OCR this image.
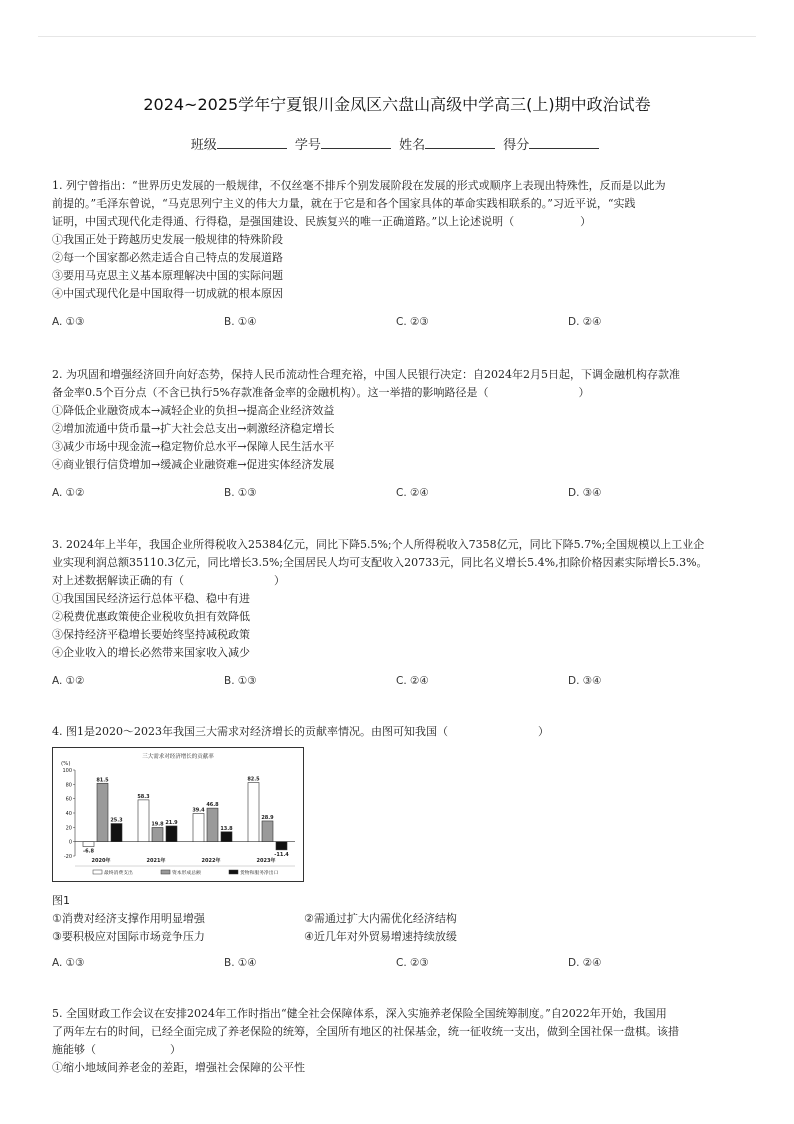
2024~2025学年宁夏银川金凤区六盘山高级中学高三(上)期中政治试卷
班级	学号	姓名	得分

1. 列宁曾指出：“世界历史发展的一般规律，不仅丝毫不排斥个别发展阶段在发展的形式或顺序上表现出特殊性，反而是以此为

前提的。”毛泽东曾说，“马克思列宁主义的伟大力量，就在于它是和各个国家具体的革命实践相联系的。”习近平说，“实践

证明，中国式现代化走得通、行得稳，是强国建设、民族复兴的唯一正确道路。”以上论述说明（	）

①我国正处于跨越历史发展一般规律的特殊阶段

②每一个国家都必然走适合自己特点的发展道路

③要用马克思主义基本原理解决中国的实际问题

④中国式现代化是中国取得一切成就的根本原因

A. ①③	B. ①④	C. ②③	D. ②④

2. 为巩固和增强经济回升向好态势，保持人民币流动性合理充裕，中国人民银行决定：自2024年2月5日起，下调金融机构存款准

备金率0.5个百分点（不含已执行5%存款准备金率的金融机构）。这一举措的影响路径是（	）

①降低企业融资成本→减轻企业的负担→提高企业经济效益

②增加流通中货币量→扩大社会总支出→刺激经济稳定增长

③减少市场中现金流→稳定物价总水平→保障人民生活水平

④商业银行信贷增加→缓减企业融资难→促进实体经济发展

A. ①②	B. ①③	C. ②④	D. ③④

3. 2024年上半年，我国企业所得税收入25384亿元，同比下降5.5%;个人所得税收入7358亿元，同比下降5.7%;全国规模以上工业企

业实现利润总额35110.3亿元，同比增长3.5%;全国居民人均可支配收入20733元，同比名义增长5.4%,扣除价格因素实际增长5.3%。

对上述数据解读正确的有（	）

①我国国民经济运行总体平稳、稳中有进

②税费优惠政策使企业税收负担有效降低

③保持经济平稳增长要始终坚持减税政策

④企业收入的增长必然带来国家收入减少

A. ①②	B. ①③	C. ②④	D. ③④

4. 图1是2020～2023年我国三大需求对经济增长的贡献率情况。由图可知我国（	）

三大需求对经济增长的贡献率
(%)
100
80
60
40
20
0
-20
-6.8
81.5
25.3
2020年
58.3
19.8 21.9
2021年
39.4
46.8
13.8
2022年
82.5
28.9
-11.4
2023年
最终消费支出	资本形成总额	货物和服务净出口
图1
①消费对经济支撑作用明显增强	②需通过扩大内需优化经济结构
③要积极应对国际市场竞争压力	④近几年对外贸易增速持续放缓
A. ①③	B. ①④	C. ②③	D. ②④

5. 全国财政工作会议在安排2024年工作时指出“健全社会保障体系，深入实施养老保险全国统筹制度。”自2022年开始，我国用

了两年左右的时间，已经全面完成了养老保险的统筹，全国所有地区的社保基金，统一征收统一支出，做到全国社保一盘棋。该措

施能够（	）

①缩小地域间养老金的差距，增强社会保障的公平性
